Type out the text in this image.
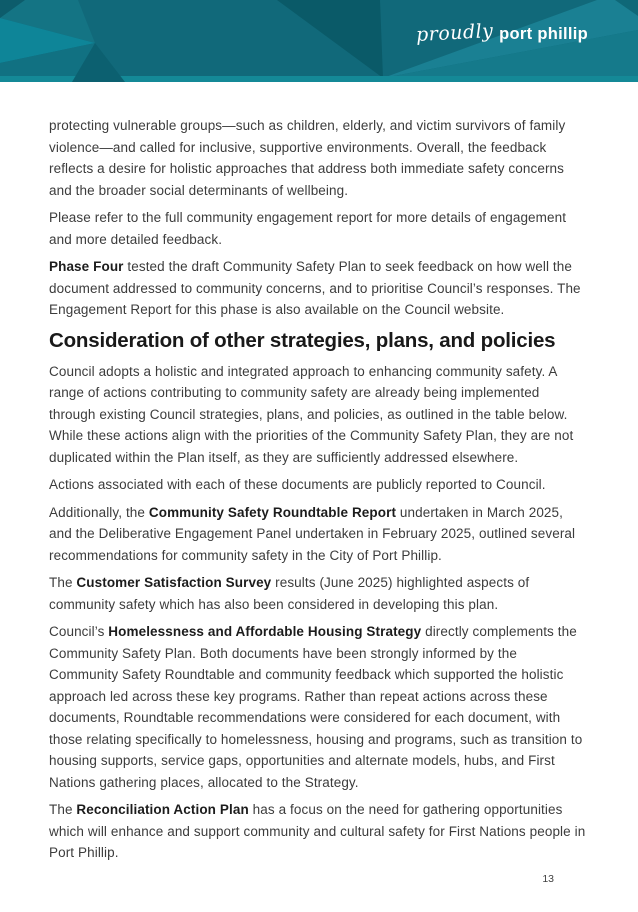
proudly port phillip

protecting vulnerable groups—such as children, elderly, and victim survivors of family violence—and called for inclusive, supportive environments. Overall, the feedback reflects a desire for holistic approaches that address both immediate safety concerns and the broader social determinants of wellbeing.

Please refer to the full community engagement report for more details of engagement and more detailed feedback.

Phase Four tested the draft Community Safety Plan to seek feedback on how well the document addressed to community concerns, and to prioritise Council’s responses. The Engagement Report for this phase is also available on the Council website.

Consideration of other strategies, plans, and policies

Council adopts a holistic and integrated approach to enhancing community safety. A range of actions contributing to community safety are already being implemented through existing Council strategies, plans, and policies, as outlined in the table below. While these actions align with the priorities of the Community Safety Plan, they are not duplicated within the Plan itself, as they are sufficiently addressed elsewhere.

Actions associated with each of these documents are publicly reported to Council.

Additionally, the Community Safety Roundtable Report undertaken in March 2025, and the Deliberative Engagement Panel undertaken in February 2025, outlined several recommendations for community safety in the City of Port Phillip.

The Customer Satisfaction Survey results (June 2025) highlighted aspects of community safety which has also been considered in developing this plan.

Council’s Homelessness and Affordable Housing Strategy directly complements the Community Safety Plan. Both documents have been strongly informed by the Community Safety Roundtable and community feedback which supported the holistic approach led across these key programs. Rather than repeat actions across these documents, Roundtable recommendations were considered for each document, with those relating specifically to homelessness, housing and programs, such as transition to housing supports, service gaps, opportunities and alternate models, hubs, and First Nations gathering places, allocated to the Strategy.

The Reconciliation Action Plan has a focus on the need for gathering opportunities which will enhance and support community and cultural safety for First Nations people in Port Phillip.

13
